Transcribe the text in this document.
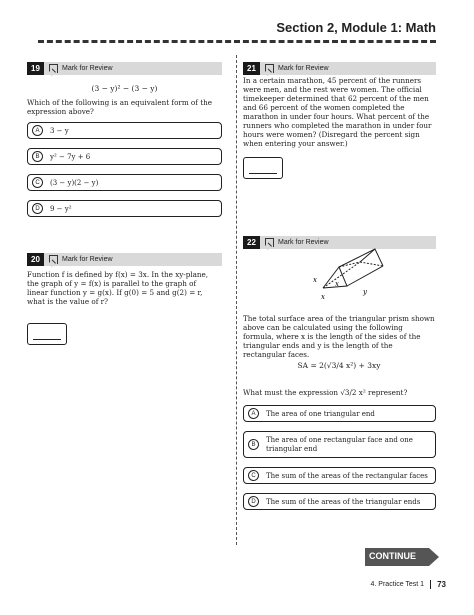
Section 2, Module 1: Math
19	Mark for Review
(3 − y)² − (3 − y)
Which of the following is an equivalent form of the expression above?
A	3 − y
B	y² − 7y + 6
C	(3 − y)(2 − y)
D	9 − y²
20	Mark for Review
Function f is defined by f(x) = 3x. In the xy-plane, the graph of y = f(x) is parallel to the graph of linear function y = g(x). If g(0) = 5 and g(2) = r, what is the value of r?
21	Mark for Review
In a certain marathon, 45 percent of the runners were men, and the rest were women. The official timekeeper determined that 62 percent of the men and 66 percent of the women completed the marathon in under four hours. What percent of the runners who completed the marathon in under four hours were women? (Disregard the percent sign when entering your answer.)
22	Mark for Review
x	x
x
y
The total surface area of the triangular prism shown above can be calculated using the following formula, where x is the length of the sides of the triangular ends and y is the length of the rectangular faces.
SA = 2(√3/4 x²) + 3xy
What must the expression √3/2 x² represent?
A	The area of one triangular end
B
The area of one rectangular face and one triangular end
C	The sum of the areas of the rectangular faces
D	The sum of the areas of the triangular ends
CONTINUE
4. Practice Test 1	73
